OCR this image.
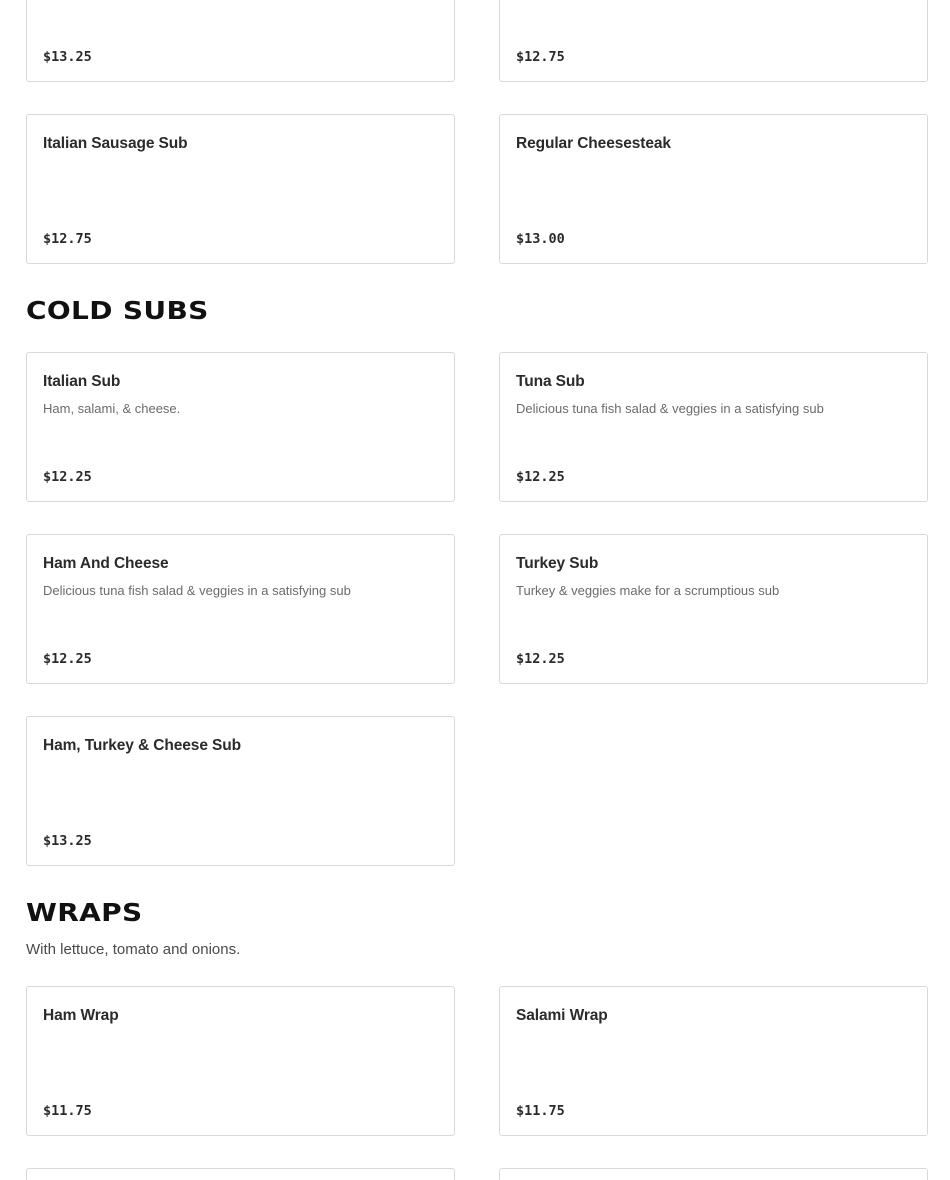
$13.25	$12.75
Italian Sausage Sub
$12.75
Regular Cheesesteak
$13.00
COLD SUBS
Italian Sub
Ham, salami, & cheese.
$12.25
Tuna Sub
Delicious tuna fish salad & veggies in a satisfying sub
$12.25
Ham And Cheese
Delicious tuna fish salad & veggies in a satisfying sub
$12.25
Turkey Sub
Turkey & veggies make for a scrumptious sub
$12.25
Ham, Turkey & Cheese Sub
$13.25
WRAPS
With lettuce, tomato and onions.
Ham Wrap
$11.75
Salami Wrap
$11.75
